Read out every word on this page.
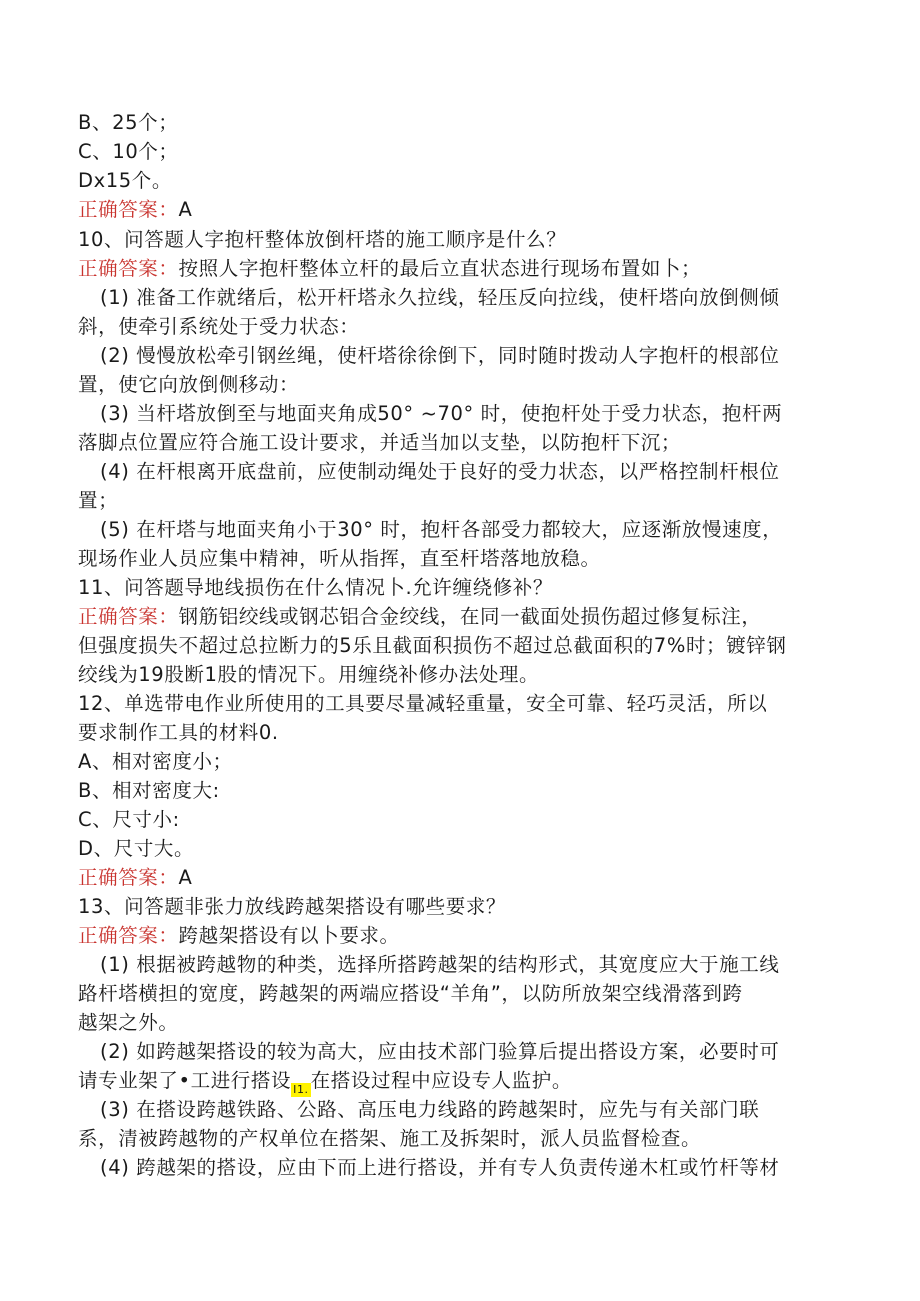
B、25个；
C、10个；
Dx15个。
正确答案：A
10、问答题人字抱杆整体放倒杆塔的施工顺序是什么？
正确答案：按照人字抱杆整体立杆的最后立直状态进行现场布置如卜；
(1) 准备工作就绪后，松开杆塔永久拉线，轻压反向拉线，使杆塔向放倒侧倾
斜，使牵引系统处于受力状态：
(2) 慢慢放松牵引钢丝绳，使杆塔徐徐倒下，同时随时拨动人字抱杆的根部位
置，使它向放倒侧移动：
(3) 当杆塔放倒至与地面夹角成50° ~70° 时，使抱杆处于受力状态，抱杆两
落脚点位置应符合施工设计要求，并适当加以支垫，以防抱杆下沉；
(4) 在杆根离开底盘前，应使制动绳处于良好的受力状态，以严格控制杆根位
置；
(5) 在杆塔与地面夹角小于30° 时，抱杆各部受力都较大，应逐渐放慢速度，
现场作业人员应集中精神，听从指挥，直至杆塔落地放稳。
11、问答题导地线损伤在什么情况卜.允许缠绕修补？
正确答案：钢筋铝绞线或钢芯铝合金绞线，在同一截面处损伤超过修复标注，
但强度损失不超过总拉断力的5乐且截面积损伤不超过总截面积的7%时；镀锌钢
绞线为19股断1股的情况下。用缠绕补修办法处理。
12、单选带电作业所使用的工具要尽量减轻重量，安全可靠、轻巧灵活，所以
要求制作工具的材料0.
A、相对密度小；
B、相对密度大:
C、尺寸小:
D、尺寸大。
正确答案：A
13、问答题非张力放线跨越架搭设有哪些要求？
正确答案：跨越架搭设有以卜要求。
(1) 根据被跨越物的种类，选择所搭跨越架的结构形式，其宽度应大于施工线
路杆塔横担的宽度，跨越架的两端应搭设“羊角”，以防所放架空线滑落到跨
越架之外。
(2) 如跨越架搭设的较为高大，应由技术部门验算后提出搭设方案，必要时可
请专业架了•工进行搭设 I1. 在搭设过程中应设专人监护。
(3) 在搭设跨越铁路、公路、高压电力线路的跨越架时，应先与有关部门联
系，清被跨越物的产权单位在搭架、施工及拆架时，派人员监督检查。
(4) 跨越架的搭设，应由下而上进行搭设，并有专人负责传递木杠或竹杆等材
